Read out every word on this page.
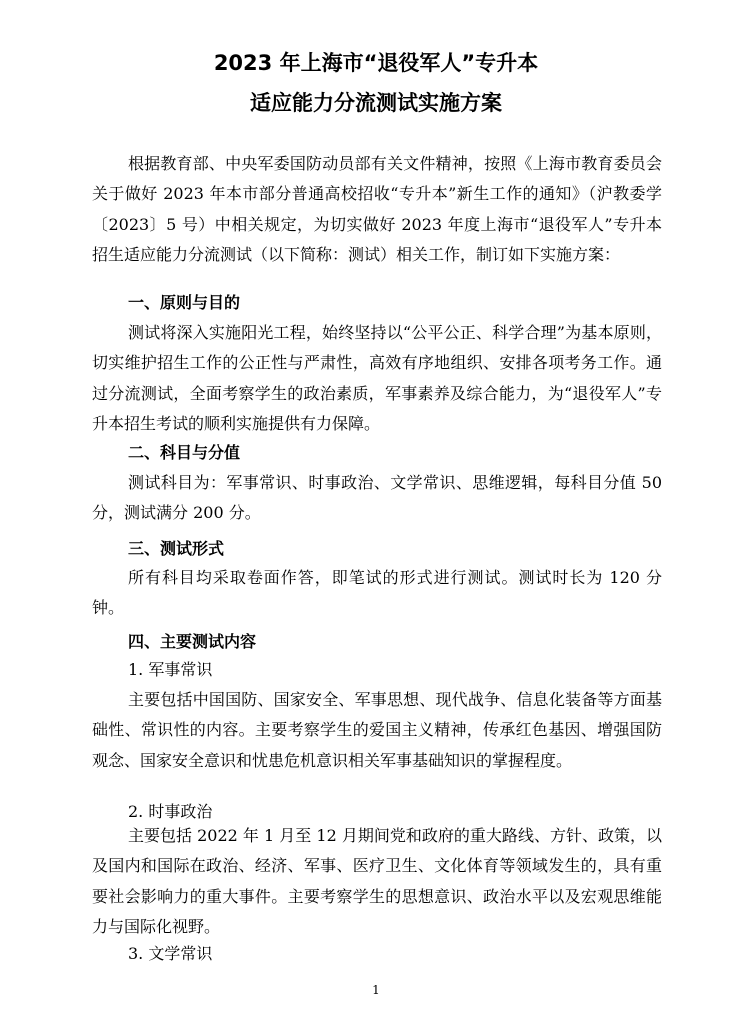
2023 年上海市“退役军人”专升本
适应能力分流测试实施方案

根据教育部、中央军委国防动员部有关文件精神，按照《上海市教育委员会关于做好 2023 年本市部分普通高校招收“专升本”新生工作的通知》（沪教委学〔2023〕5 号）中相关规定，为切实做好 2023 年度上海市“退役军人”专升本招生适应能力分流测试（以下简称：测试）相关工作，制订如下实施方案：

一、原则与目的

测试将深入实施阳光工程，始终坚持以“公平公正、科学合理”为基本原则，切实维护招生工作的公正性与严肃性，高效有序地组织、安排各项考务工作。通过分流测试，全面考察学生的政治素质，军事素养及综合能力，为“退役军人”专升本招生考试的顺利实施提供有力保障。

二、科目与分值

测试科目为：军事常识、时事政治、文学常识、思维逻辑，每科目分值 50 分，测试满分 200 分。

三、测试形式

所有科目均采取卷面作答，即笔试的形式进行测试。测试时长为 120 分钟。

四、主要测试内容
1. 军事常识

主要包括中国国防、国家安全、军事思想、现代战争、信息化装备等方面基础性、常识性的内容。主要考察学生的爱国主义精神，传承红色基因、增强国防观念、国家安全意识和忧患危机意识相关军事基础知识的掌握程度。

2. 时事政治

主要包括 2022 年 1 月至 12 月期间党和政府的重大路线、方针、政策，以及国内和国际在政治、经济、军事、医疗卫生、文化体育等领域发生的，具有重要社会影响力的重大事件。主要考察学生的思想意识、政治水平以及宏观思维能力与国际化视野。

3. 文学常识
1
